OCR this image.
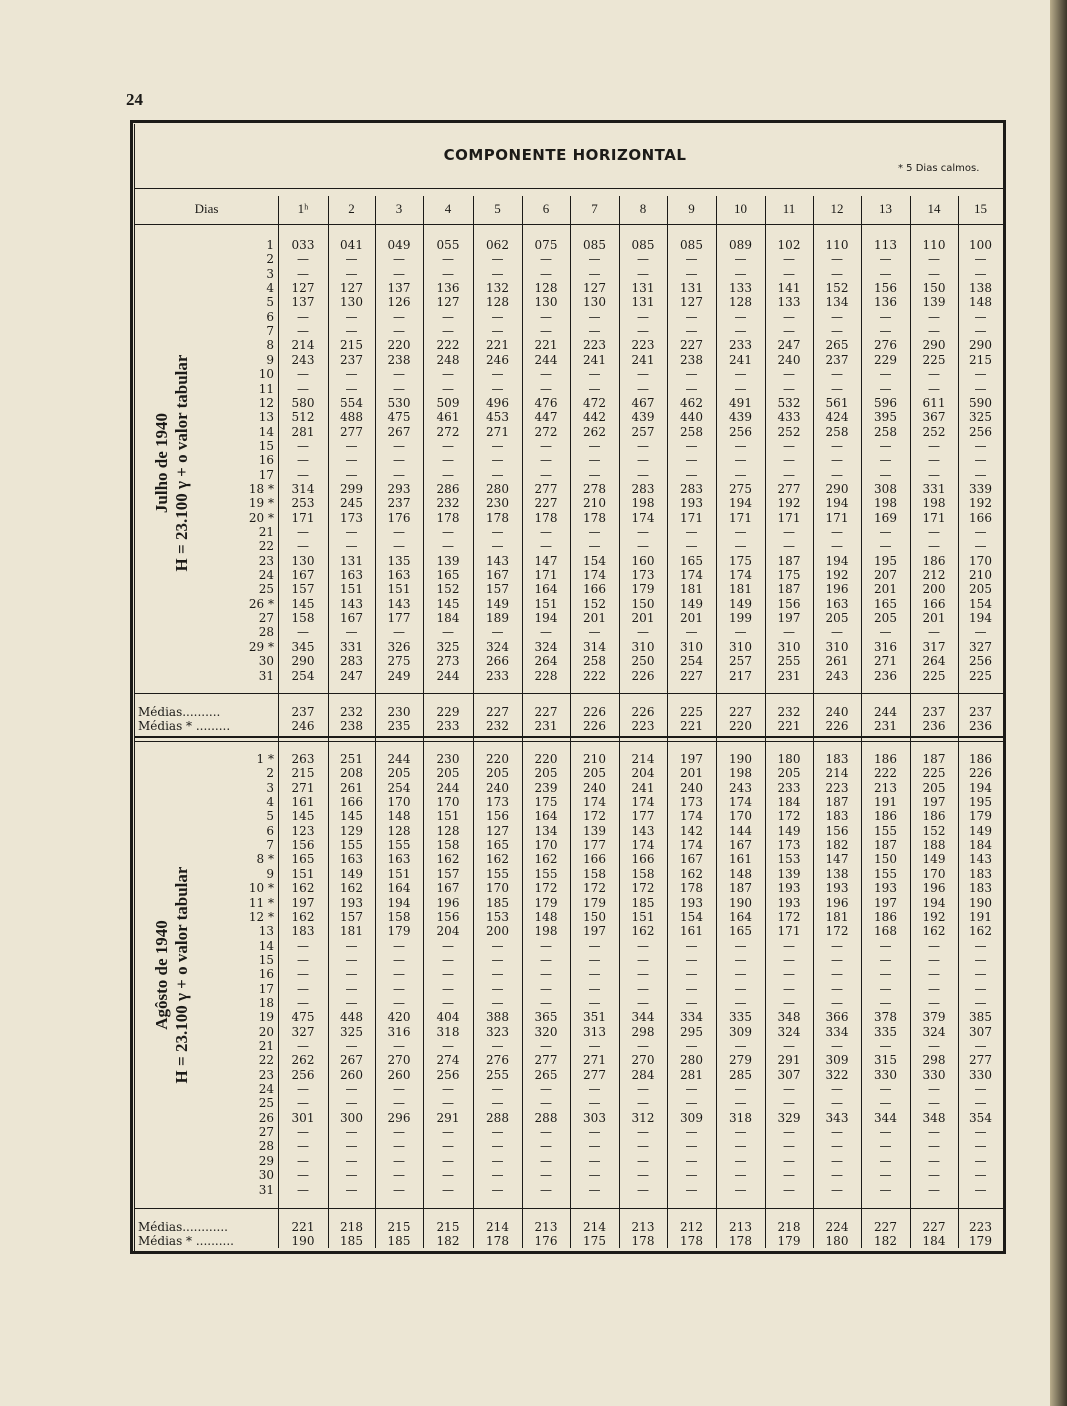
24
COMPONENTE HORIZONTAL
* 5 Dias calmos.
Dias	1ʰ	2	3	4	5	6	7	8	9	10	11	12	13	14	15
1	033	041	049	055	062	075	085	085	085	089	102	110	113	110	100
2	—	—	—	—	—	—	—	—	—	—	—	—	—	—	—
3	—	—	—	—	—	—	—	—	—	—	—	—	—	—	—
4	127	127	137	136	132	128	127	131	131	133	141	152	156	150	138
5	137	130	126	127	128	130	130	131	127	128	133	134	136	139	148
6	—	—	—	—	—	—	—	—	—	—	—	—	—	—	—
7	—	—	—	—	—	—	—	—	—	—	—	—	—	—	—
8	214	215	220	222	221	221	223	223	227	233	247	265	276	290	290
9	243	237	238	248	246	244	241	241	238	241	240	237	229	225	215
10	—	—	—	—	—	—	—	—	—	—	—	—	—	—	—
11	—	—	—	—	—	—	—	—	—	—	—	—	—	—	—
12	580	554	530	509	496	476	472	467	462	491	532	561	596	611	590
13	512	488	475	461	453	447	442	439	440	439	433	424	395	367	325
14	281	277	267	272	271	272	262	257	258	256	252	258	258	252	256
15	—	—	—	—	—	—	—	—	—	—	—	—	—	—	—
16	—	—	—	—	—	—	—	—	—	—	—	—	—	—	—
17	—	—	—	—	—	—	—	—	—	—	—	—	—	—	—
18 *	314	299	293	286	280	277	278	283	283	275	277	290	308	331	339
19 *	253	245	237	232	230	227	210	198	193	194	192	194	198	198	192
20 *	171	173	176	178	178	178	178	174	171	171	171	171	169	171	166
21	—	—	—	—	—	—	—	—	—	—	—	—	—	—	—
22	—	—	—	—	—	—	—	—	—	—	—	—	—	—	—
23	130	131	135	139	143	147	154	160	165	175	187	194	195	186	170
24	167	163	163	165	167	171	174	173	174	174	175	192	207	212	210
25	157	151	151	152	157	164	166	179	181	181	187	196	201	200	205
26 *	145	143	143	145	149	151	152	150	149	149	156	163	165	166	154
27	158	167	177	184	189	194	201	201	201	199	197	205	205	201	194
28	—	—	—	—	—	—	—	—	—	—	—	—	—	—	—
29 *	345	331	326	325	324	324	314	310	310	310	310	310	316	317	327
30	290	283	275	273	266	264	258	250	254	257	255	261	271	264	256
31	254	247	249	244	233	228	222	226	227	217	231	243	236	225	225
1 *	263	251	244	230	220	220	210	214	197	190	180	183	186	187	186
2	215	208	205	205	205	205	205	204	201	198	205	214	222	225	226
3	271	261	254	244	240	239	240	241	240	243	233	223	213	205	194
4	161	166	170	170	173	175	174	174	173	174	184	187	191	197	195
5	145	145	148	151	156	164	172	177	174	170	172	183	186	186	179
6	123	129	128	128	127	134	139	143	142	144	149	156	155	152	149
7	156	155	155	158	165	170	177	174	174	167	173	182	187	188	184
8 *	165	163	163	162	162	162	166	166	167	161	153	147	150	149	143
9	151	149	151	157	155	155	158	158	162	148	139	138	155	170	183
10 *	162	162	164	167	170	172	172	172	178	187	193	193	193	196	183
11 *	197	193	194	196	185	179	179	185	193	190	193	196	197	194	190
12 *	162	157	158	156	153	148	150	151	154	164	172	181	186	192	191
13	183	181	179	204	200	198	197	162	161	165	171	172	168	162	162
14	—	—	—	—	—	—	—	—	—	—	—	—	—	—	—
15	—	—	—	—	—	—	—	—	—	—	—	—	—	—	—
16	—	—	—	—	—	—	—	—	—	—	—	—	—	—	—
17	—	—	—	—	—	—	—	—	—	—	—	—	—	—	—
18	—	—	—	—	—	—	—	—	—	—	—	—	—	—	—
19	475	448	420	404	388	365	351	344	334	335	348	366	378	379	385
20	327	325	316	318	323	320	313	298	295	309	324	334	335	324	307
21	—	—	—	—	—	—	—	—	—	—	—	—	—	—	—
22	262	267	270	274	276	277	271	270	280	279	291	309	315	298	277
23	256	260	260	256	255	265	277	284	281	285	307	322	330	330	330
24	—	—	—	—	—	—	—	—	—	—	—	—	—	—	—
25	—	—	—	—	—	—	—	—	—	—	—	—	—	—	—
26	301	300	296	291	288	288	303	312	309	318	329	343	344	348	354
27	—	—	—	—	—	—	—	—	—	—	—	—	—	—	—
28	—	—	—	—	—	—	—	—	—	—	—	—	—	—	—
29	—	—	—	—	—	—	—	—	—	—	—	—	—	—	—
30	—	—	—	—	—	—	—	—	—	—	—	—	—	—	—
31	—	—	—	—	—	—	—	—	—	—	—	—	—	—	—
Médias..........	237	232	230	229	227	227	226	226	225	227	232	240	244	237	237
Médias * .........	246	238	235	233	232	231	226	223	221	220	221	226	231	236	236
Médias............	221	218	215	215	214	213	214	213	212	213	218	224	227	227	223
Médias * ..........	190	185	185	182	178	176	175	178	178	178	179	180	182	184	179
Julho de 1940 H = 23.100 γ + o valor tabular
Agôsto de 1940 H = 23.100 γ + o valor tabular
